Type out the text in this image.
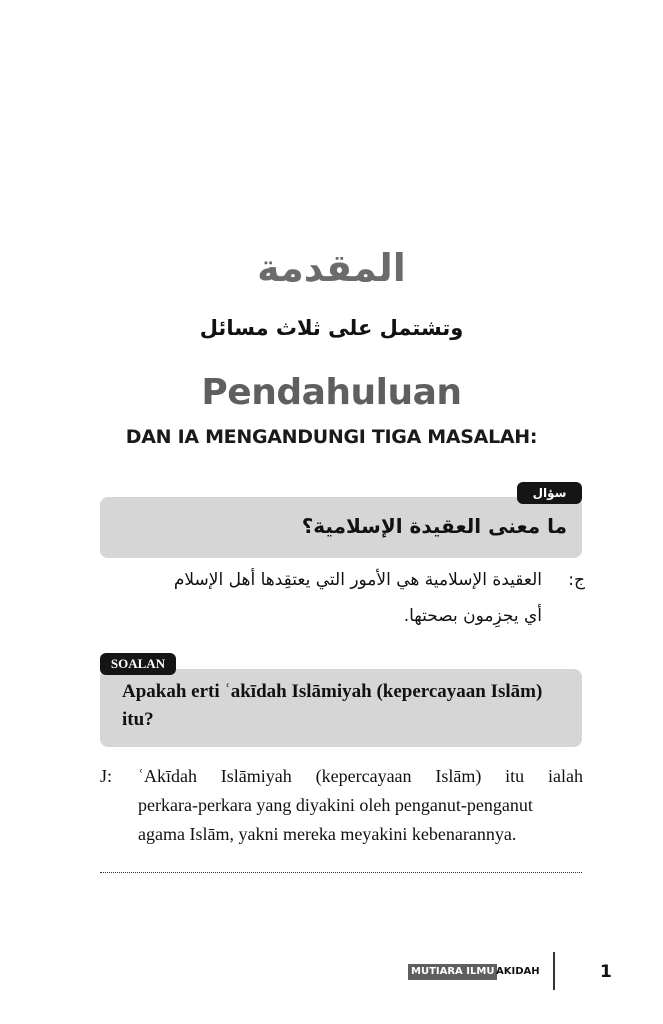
المقدمة
وتشتمل على ثلاث مسائل
Pendahuluan
DAN IA MENGANDUNGI TIGA MASALAH:
سؤال
ما معنى العقيدة الإسلامية؟
ج:
العقيدة الإسلامية هي الأمور التي يعتقِدها أهل الإسلام
أي يجزِمون بصحتها.
SOALAN
Apakah erti ʿakīdah Islāmiyah (kepercayaan Islām) itu?
J: ʿAkīdah Islāmiyah (kepercayaan Islām) itu ialah
perkara-perkara yang diyakini oleh penganut-penganut agama Islām, yakni mereka meyakini kebenarannya.
MUTIARA ILMU AKIDAH	1
